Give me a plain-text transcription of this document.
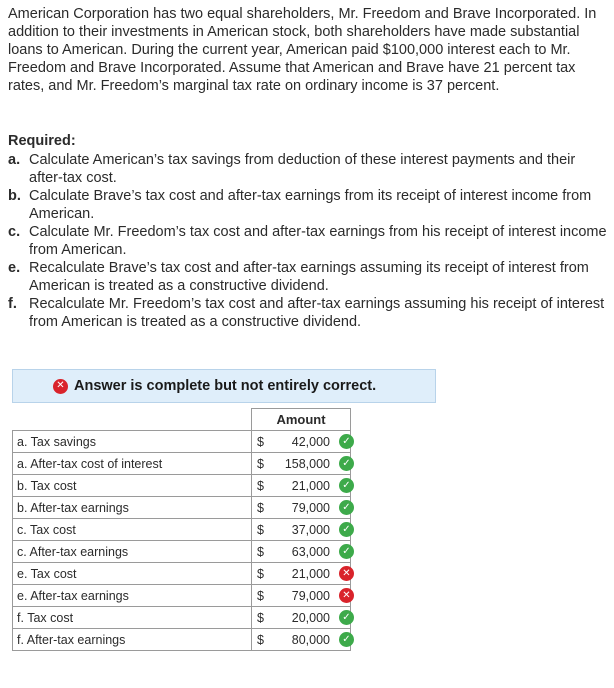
American Corporation has two equal shareholders, Mr. Freedom and Brave Incorporated. In addition to their investments in American stock, both shareholders have made substantial loans to American. During the current year, American paid $100,000 interest each to Mr. Freedom and Brave Incorporated. Assume that American and Brave have 21 percent tax rates, and Mr. Freedom’s marginal tax rate on ordinary income is 37 percent.

Required:

a. Calculate American’s tax savings from deduction of these interest payments and their after-tax cost.
b. Calculate Brave’s tax cost and after-tax earnings from its receipt of interest income from American.
c. Calculate Mr. Freedom’s tax cost and after-tax earnings from his receipt of interest income from American.
e. Recalculate Brave’s tax cost and after-tax earnings assuming its receipt of interest from American is treated as a constructive dividend.
f. Recalculate Mr. Freedom’s tax cost and after-tax earnings assuming his receipt of interest from American is treated as a constructive dividend.
✕ Answer is complete but not entirely correct.
	Amount
a. Tax savings	$ 42,000 ✓

a. After-tax cost of interest	$ 158,000 ✓

b. Tax cost	$ 21,000 ✓

b. After-tax earnings	$ 79,000 ✓

c. Tax cost	$ 37,000 ✓

c. After-tax earnings	$ 63,000 ✓

e. Tax cost	$ 21,000 ✕

e. After-tax earnings	$ 79,000 ✕

f. Tax cost	$ 20,000 ✓

f. After-tax earnings	$ 80,000 ✓
